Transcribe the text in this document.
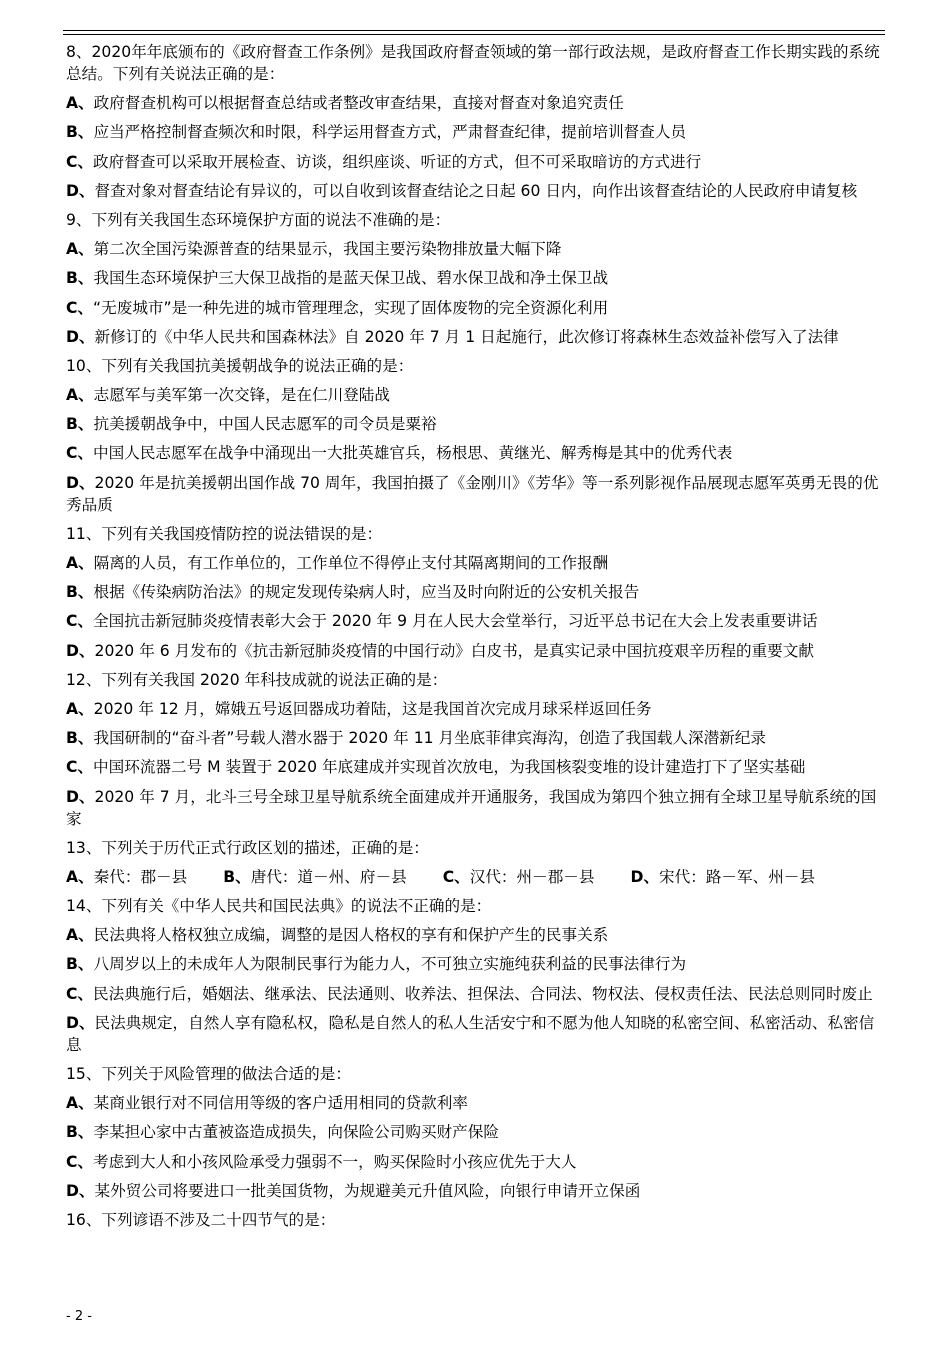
8、2020年年底颁布的《政府督查工作条例》是我国政府督查领域的第一部行政法规，是政府督查工作长期实践的系统总结。下列有关说法正确的是：
A、政府督查机构可以根据督查总结或者整改审查结果，直接对督查对象追究责任
B、应当严格控制督查频次和时限，科学运用督查方式，严肃督查纪律，提前培训督查人员
C、政府督查可以采取开展检查、访谈，组织座谈、听证的方式，但不可采取暗访的方式进行
D、督查对象对督查结论有异议的，可以自收到该督查结论之日起 60 日内，向作出该督查结论的人民政府申请复核
9、下列有关我国生态环境保护方面的说法不准确的是：
A、第二次全国污染源普查的结果显示，我国主要污染物排放量大幅下降
B、我国生态环境保护三大保卫战指的是蓝天保卫战、碧水保卫战和净土保卫战
C、“无废城市”是一种先进的城市管理理念，实现了固体废物的完全资源化利用
D、新修订的《中华人民共和国森林法》自 2020 年 7 月 1 日起施行，此次修订将森林生态效益补偿写入了法律
10、下列有关我国抗美援朝战争的说法正确的是：
A、志愿军与美军第一次交锋，是在仁川登陆战
B、抗美援朝战争中，中国人民志愿军的司令员是粟裕
C、中国人民志愿军在战争中涌现出一大批英雄官兵，杨根思、黄继光、解秀梅是其中的优秀代表
D、2020 年是抗美援朝出国作战 70 周年，我国拍摄了《金刚川》《芳华》等一系列影视作品展现志愿军英勇无畏的优秀品质
11、下列有关我国疫情防控的说法错误的是：
A、隔离的人员，有工作单位的，工作单位不得停止支付其隔离期间的工作报酬
B、根据《传染病防治法》的规定发现传染病人时，应当及时向附近的公安机关报告
C、全国抗击新冠肺炎疫情表彰大会于 2020 年 9 月在人民大会堂举行，习近平总书记在大会上发表重要讲话
D、2020 年 6 月发布的《抗击新冠肺炎疫情的中国行动》白皮书，是真实记录中国抗疫艰辛历程的重要文献
12、下列有关我国 2020 年科技成就的说法正确的是：
A、2020 年 12 月，嫦娥五号返回器成功着陆，这是我国首次完成月球采样返回任务
B、我国研制的“奋斗者”号载人潜水器于 2020 年 11 月坐底菲律宾海沟，创造了我国载人深潜新纪录
C、中国环流器二号 M 装置于 2020 年底建成并实现首次放电，为我国核裂变堆的设计建造打下了坚实基础
D、2020 年 7 月，北斗三号全球卫星导航系统全面建成并开通服务，我国成为第四个独立拥有全球卫星导航系统的国家
13、下列关于历代正式行政区划的描述，正确的是：
A、秦代：郡－县 B、唐代：道－州、府－县 C、汉代：州－郡－县 D、宋代：路－军、州－县
14、下列有关《中华人民共和国民法典》的说法不正确的是：
A、民法典将人格权独立成编，调整的是因人格权的享有和保护产生的民事关系
B、八周岁以上的未成年人为限制民事行为能力人，不可独立实施纯获利益的民事法律行为
C、民法典施行后，婚姻法、继承法、民法通则、收养法、担保法、合同法、物权法、侵权责任法、民法总则同时废止
D、民法典规定，自然人享有隐私权，隐私是自然人的私人生活安宁和不愿为他人知晓的私密空间、私密活动、私密信息
15、下列关于风险管理的做法合适的是：
A、某商业银行对不同信用等级的客户适用相同的贷款利率
B、李某担心家中古董被盗造成损失，向保险公司购买财产保险
C、考虑到大人和小孩风险承受力强弱不一，购买保险时小孩应优先于大人
D、某外贸公司将要进口一批美国货物，为规避美元升值风险，向银行申请开立保函
16、下列谚语不涉及二十四节气的是：
- 2 -
